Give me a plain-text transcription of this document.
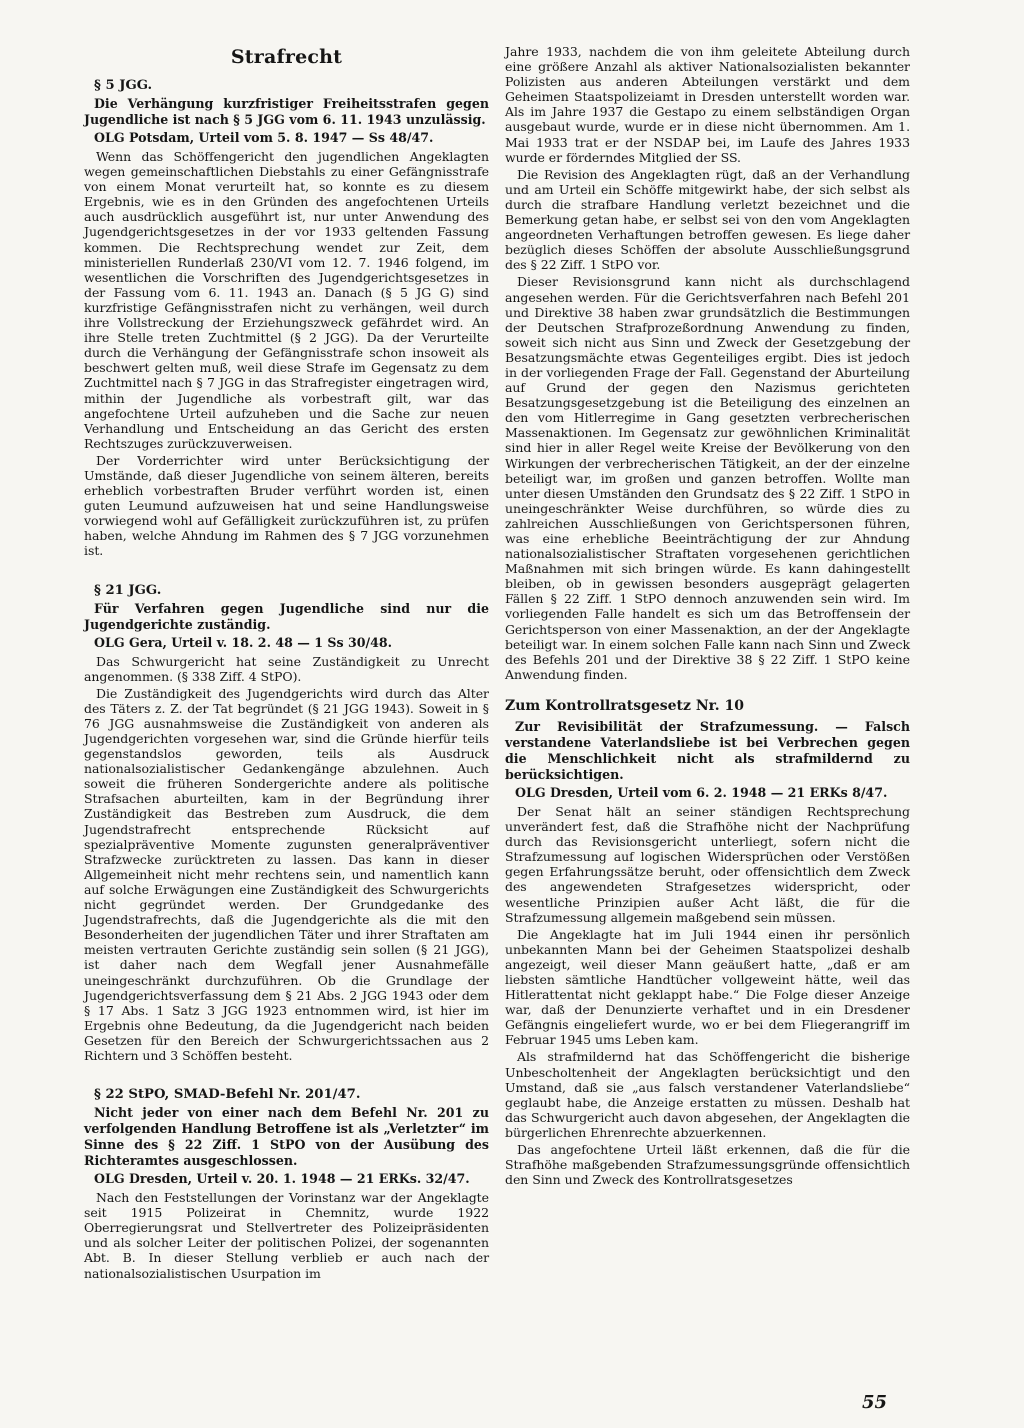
Strafrecht
§ 5 JGG.
Die Verhängung kurzfristiger Freiheitsstrafen gegen Jugendliche ist nach § 5 JGG vom 6. 11. 1943 unzulässig.
OLG Potsdam, Urteil vom 5. 8. 1947 — Ss 48/47.

Wenn das Schöffengericht den jugendlichen Angeklagten wegen gemeinschaftlichen Diebstahls zu einer Gefängnisstrafe von einem Monat verurteilt hat, so konnte es zu diesem Ergebnis, wie es in den Gründen des angefochtenen Urteils auch ausdrücklich ausgeführt ist, nur unter Anwendung des Jugendgerichtsgesetzes in der vor 1933 geltenden Fassung kommen. Die Rechtsprechung wendet zur Zeit, dem ministeriellen Runderlaß 230/VI vom 12. 7. 1946 folgend, im wesentlichen die Vorschriften des Jugendgerichtsgesetzes in der Fassung vom 6. 11. 1943 an. Danach (§ 5 JG G) sind kurzfristige Gefängnisstrafen nicht zu verhängen, weil durch ihre Vollstreckung der Erziehungszweck gefährdet wird. An ihre Stelle treten Zuchtmittel (§ 2 JGG). Da der Verurteilte durch die Verhängung der Gefängnisstrafe schon insoweit als beschwert gelten muß, weil diese Strafe im Gegensatz zu dem Zuchtmittel nach § 7 JGG in das Strafregister eingetragen wird, mithin der Jugendliche als vorbestraft gilt, war das angefochtene Urteil aufzuheben und die Sache zur neuen Verhandlung und Entscheidung an das Gericht des ersten Rechtszuges zurückzuverweisen.

Der Vorderrichter wird unter Berücksichtigung der Umstände, daß dieser Jugendliche von seinem älteren, bereits erheblich vorbestraften Bruder verführt worden ist, einen guten Leumund aufzuweisen hat und seine Handlungsweise vorwiegend wohl auf Gefälligkeit zurückzuführen ist, zu prüfen haben, welche Ahndung im Rahmen des § 7 JGG vorzunehmen ist.

§ 21 JGG.
Für Verfahren gegen Jugendliche sind nur die Jugendgerichte zuständig.
OLG Gera, Urteil v. 18. 2. 48 — 1 Ss 30/48.

Das Schwurgericht hat seine Zuständigkeit zu Unrecht angenommen. (§ 338 Ziff. 4 StPO).

Die Zuständigkeit des Jugendgerichts wird durch das Alter des Täters z. Z. der Tat begründet (§ 21 JGG 1943). Soweit in § 76 JGG ausnahmsweise die Zuständigkeit von anderen als Jugendgerichten vorgesehen war, sind die Gründe hierfür teils gegenstandslos geworden, teils als Ausdruck nationalsozialistischer Gedankengänge abzulehnen. Auch soweit die früheren Sondergerichte andere als politische Strafsachen aburteilten, kam in der Begründung ihrer Zuständigkeit das Bestreben zum Ausdruck, die dem Jugendstrafrecht entsprechende Rücksicht auf spezialpräventive Momente zugunsten generalpräventiver Strafzwecke zurücktreten zu lassen. Das kann in dieser Allgemeinheit nicht mehr rechtens sein, und namentlich kann auf solche Erwägungen eine Zuständigkeit des Schwurgerichts nicht gegründet werden. Der Grundgedanke des Jugendstrafrechts, daß die Jugendgerichte als die mit den Besonderheiten der jugendlichen Täter und ihrer Straftaten am meisten vertrauten Gerichte zuständig sein sollen (§ 21 JGG), ist daher nach dem Wegfall jener Ausnahmefälle uneingeschränkt durchzuführen. Ob die Grundlage der Jugendgerichtsverfassung dem § 21 Abs. 2 JGG 1943 oder dem § 17 Abs. 1 Satz 3 JGG 1923 entnommen wird, ist hier im Ergebnis ohne Bedeutung, da die Jugendgericht nach beiden Gesetzen für den Bereich der Schwurgerichtssachen aus 2 Richtern und 3 Schöffen besteht.

§ 22 StPO, SMAD-Befehl Nr. 201/47.
Nicht jeder von einer nach dem Befehl Nr. 201 zu verfolgenden Handlung Betroffene ist als „Verletzter“ im Sinne des § 22 Ziff. 1 StPO von der Ausübung des Richteramtes ausgeschlossen.
OLG Dresden, Urteil v. 20. 1. 1948 — 21 ERKs. 32/47.

Nach den Feststellungen der Vorinstanz war der Angeklagte seit 1915 Polizeirat in Chemnitz, wurde 1922 Oberregierungsrat und Stellvertreter des Polizeipräsidenten und als solcher Leiter der politischen Polizei, der sogenannten Abt. B. In dieser Stellung verblieb er auch nach der nationalsozialistischen Usurpation im

Jahre 1933, nachdem die von ihm geleitete Abteilung durch eine größere Anzahl als aktiver Nationalsozialisten bekannter Polizisten aus anderen Abteilungen verstärkt und dem Geheimen Staatspolizeiamt in Dresden unterstellt worden war. Als im Jahre 1937 die Gestapo zu einem selbständigen Organ ausgebaut wurde, wurde er in diese nicht übernommen. Am 1. Mai 1933 trat er der NSDAP bei, im Laufe des Jahres 1933 wurde er förderndes Mitglied der SS.

Die Revision des Angeklagten rügt, daß an der Verhandlung und am Urteil ein Schöffe mitgewirkt habe, der sich selbst als durch die strafbare Handlung verletzt bezeichnet und die Bemerkung getan habe, er selbst sei von den vom Angeklagten angeordneten Verhaftungen betroffen gewesen. Es liege daher bezüglich dieses Schöffen der absolute Ausschließungsgrund des § 22 Ziff. 1 StPO vor.

Dieser Revisionsgrund kann nicht als durchschlagend angesehen werden. Für die Gerichtsverfahren nach Befehl 201 und Direktive 38 haben zwar grundsätzlich die Bestimmungen der Deutschen Strafprozeßordnung Anwendung zu finden, soweit sich nicht aus Sinn und Zweck der Gesetzgebung der Besatzungsmächte etwas Gegenteiliges ergibt. Dies ist jedoch in der vorliegenden Frage der Fall. Gegenstand der Aburteilung auf Grund der gegen den Nazismus gerichteten Besatzungsgesetzgebung ist die Beteiligung des einzelnen an den vom Hitlerregime in Gang gesetzten verbrecherischen Massenaktionen. Im Gegensatz zur gewöhnlichen Kriminalität sind hier in aller Regel weite Kreise der Bevölkerung von den Wirkungen der verbrecherischen Tätigkeit, an der der einzelne beteiligt war, im großen und ganzen betroffen. Wollte man unter diesen Umständen den Grundsatz des § 22 Ziff. 1 StPO in uneingeschränkter Weise durchführen, so würde dies zu zahlreichen Ausschließungen von Gerichtspersonen führen, was eine erhebliche Beeinträchtigung der zur Ahndung nationalsozialistischer Straftaten vorgesehenen gerichtlichen Maßnahmen mit sich bringen würde. Es kann dahingestellt bleiben, ob in gewissen besonders ausgeprägt gelagerten Fällen § 22 Ziff. 1 StPO dennoch anzuwenden sein wird. Im vorliegenden Falle handelt es sich um das Betroffensein der Gerichtsperson von einer Massenaktion, an der der Angeklagte beteiligt war. In einem solchen Falle kann nach Sinn und Zweck des Befehls 201 und der Direktive 38 § 22 Ziff. 1 StPO keine Anwendung finden.

Zum Kontrollratsgesetz Nr. 10
Zur Revisibilität der Strafzumessung. — Falsch verstandene Vaterlandsliebe ist bei Verbrechen gegen die Menschlichkeit nicht als strafmildernd zu berücksichtigen.
OLG Dresden, Urteil vom 6. 2. 1948 — 21 ERKs 8/47.

Der Senat hält an seiner ständigen Rechtsprechung unverändert fest, daß die Strafhöhe nicht der Nachprüfung durch das Revisionsgericht unterliegt, sofern nicht die Strafzumessung auf logischen Widersprüchen oder Verstößen gegen Erfahrungssätze beruht, oder offensichtlich dem Zweck des angewendeten Strafgesetzes widerspricht, oder wesentliche Prinzipien außer Acht läßt, die für die Strafzumessung allgemein maßgebend sein müssen.

Die Angeklagte hat im Juli 1944 einen ihr persönlich unbekannten Mann bei der Geheimen Staatspolizei deshalb angezeigt, weil dieser Mann geäußert hatte, „daß er am liebsten sämtliche Handtücher vollgeweint hätte, weil das Hitlerattentat nicht geklappt habe.“ Die Folge dieser Anzeige war, daß der Denunzierte verhaftet und in ein Dresdener Gefängnis eingeliefert wurde, wo er bei dem Fliegerangriff im Februar 1945 ums Leben kam.

Als strafmildernd hat das Schöffengericht die bisherige Unbescholtenheit der Angeklagten berücksichtigt und den Umstand, daß sie „aus falsch verstandener Vaterlandsliebe“ geglaubt habe, die Anzeige erstatten zu müssen. Deshalb hat das Schwurgericht auch davon abgesehen, der Angeklagten die bürgerlichen Ehrenrechte abzuerkennen.

Das angefochtene Urteil läßt erkennen, daß die für die Strafhöhe maßgebenden Strafzumessungsgründe offensichtlich den Sinn und Zweck des Kontrollratsgesetzes

55
